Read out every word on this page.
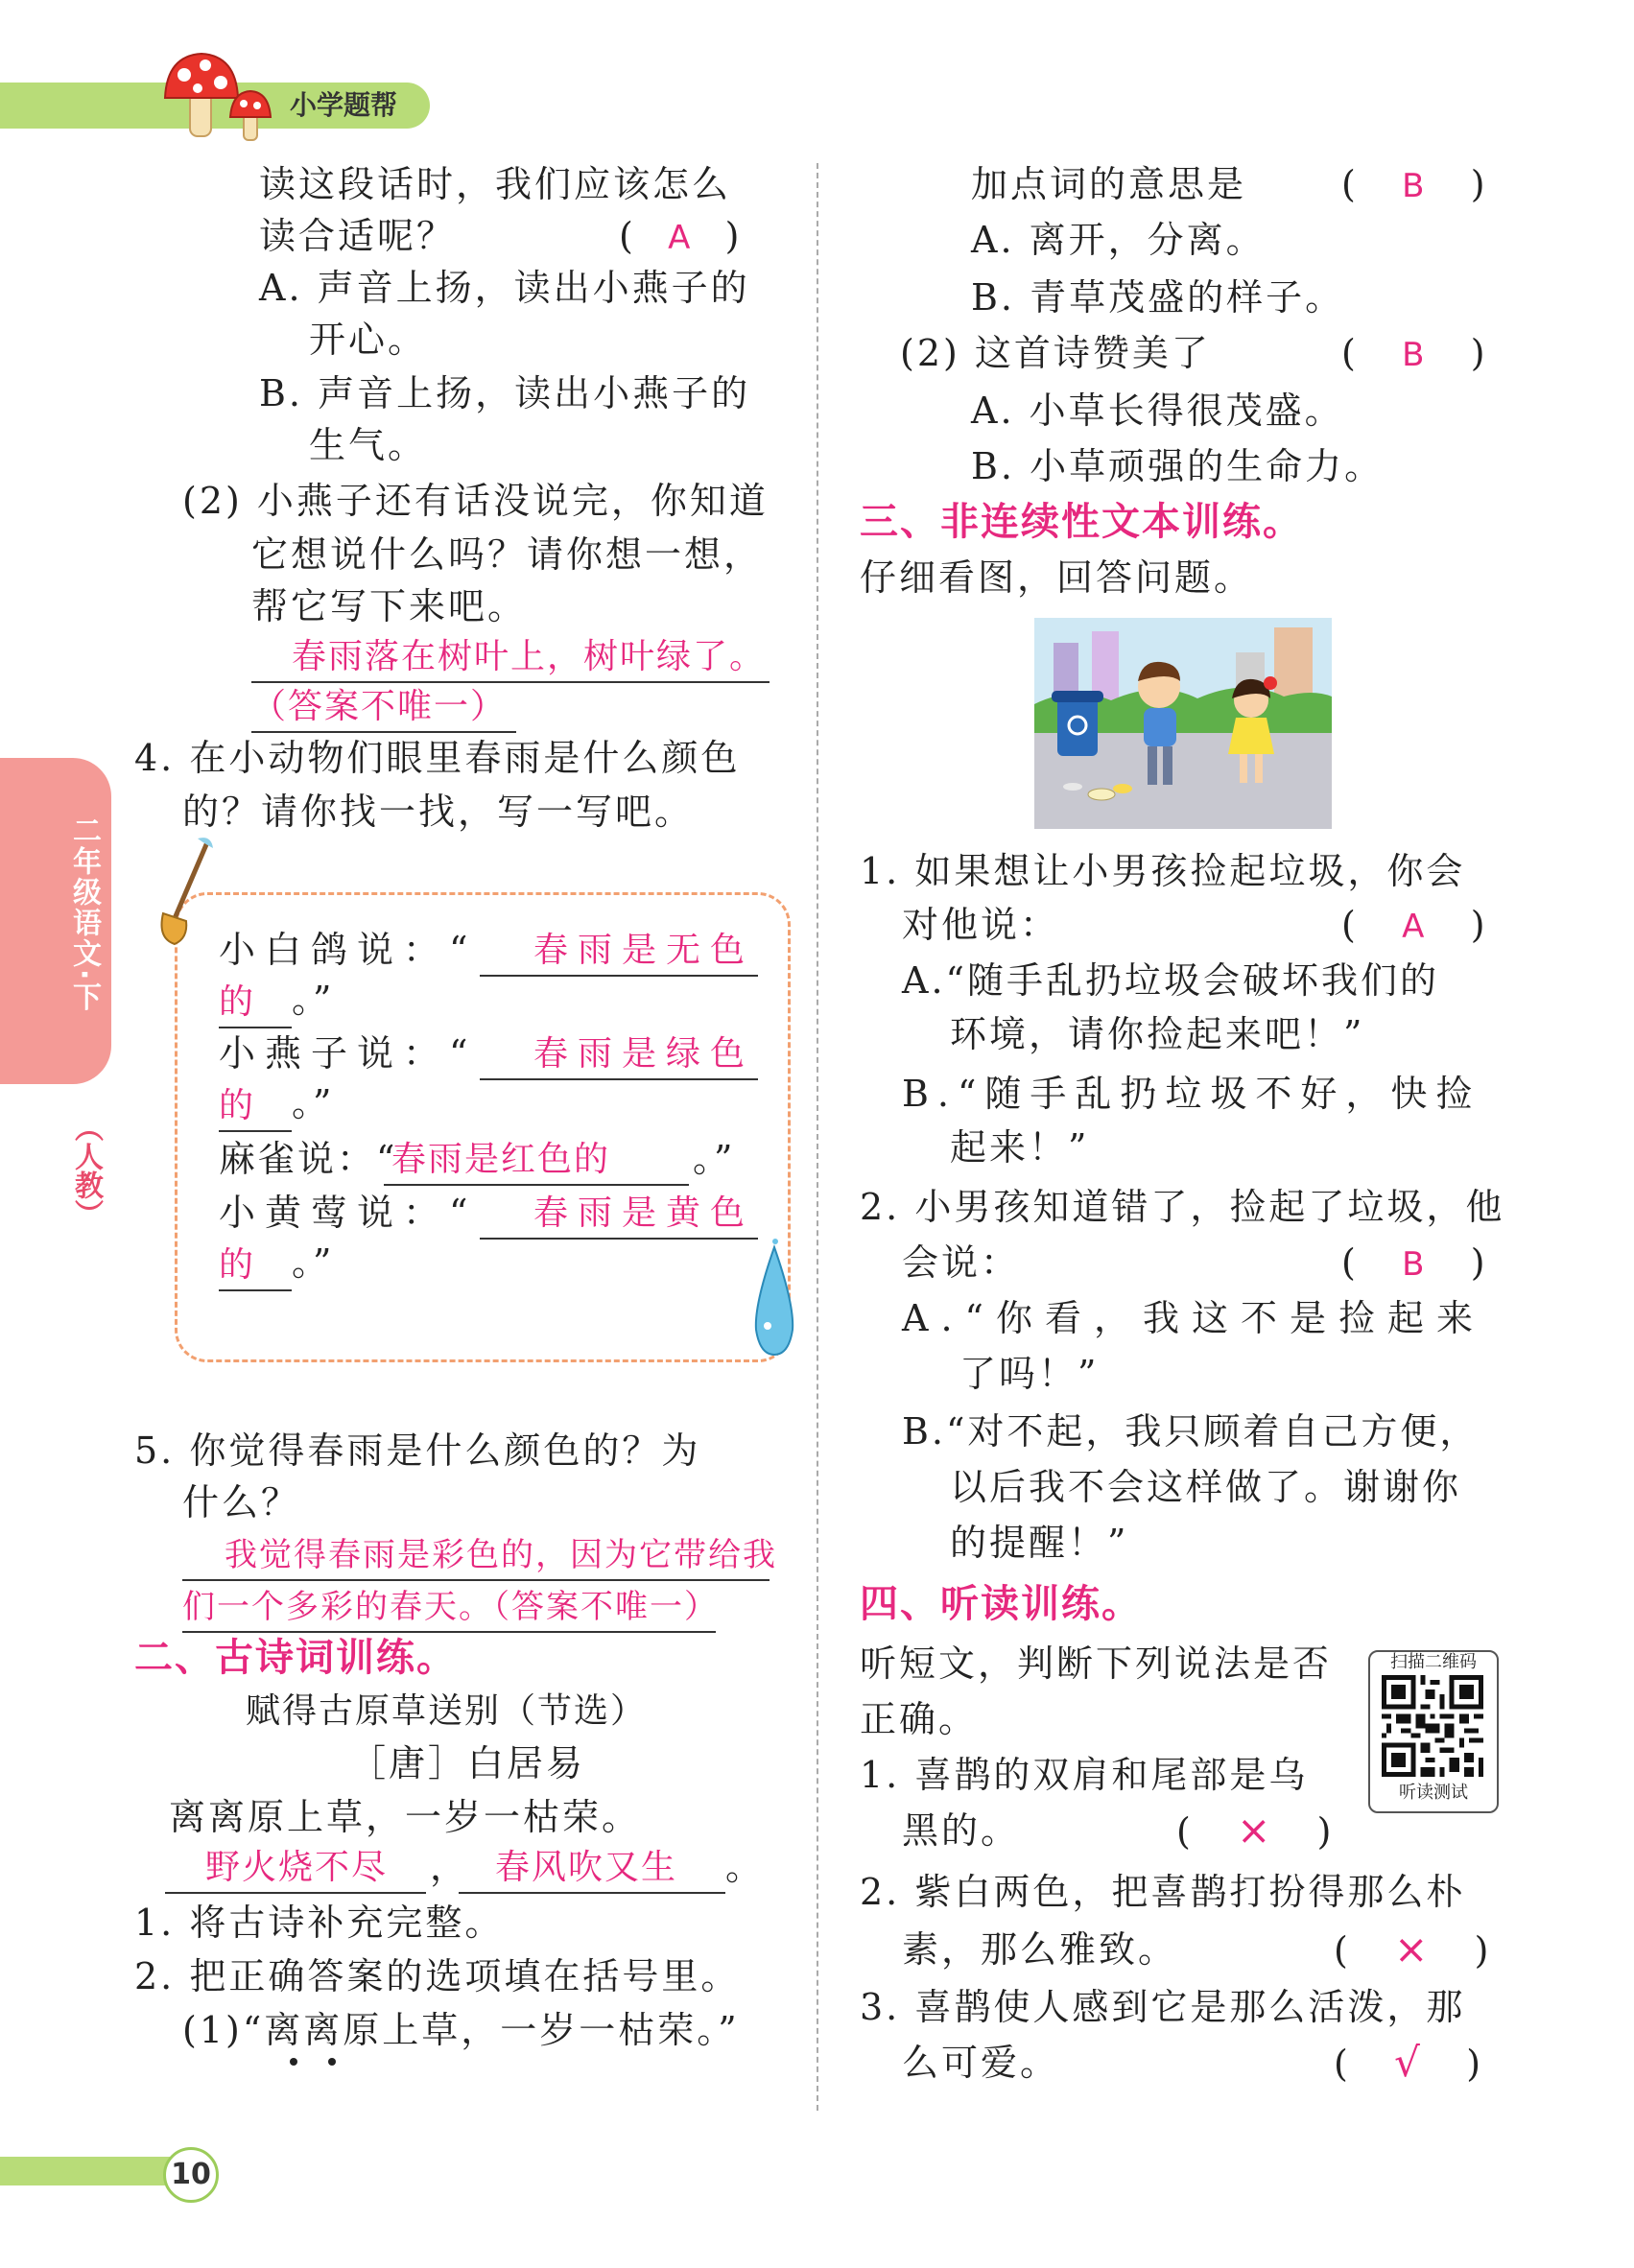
小学题帮
二年级语文·下
（人教）
读这段话时，我们应该怎么
读合适呢？	(   A   )
A. 声音上扬，读出小燕子的
开心。
B. 声音上扬，读出小燕子的
生气。
(2) 小燕子还有话没说完，你知道
它想说什么吗？请你想一想，
帮它写下来吧。
春雨落在树叶上，树叶绿了。
（答案不唯一）
4. 在小动物们眼里春雨是什么颜色
的？请你找一找，写一写吧。
小白鸽说：“	春雨是无色
的 。”
小燕子说：“	春雨是绿色
的 。”
麻雀说：“
春雨是红色的	。”
小黄莺说：“	春雨是黄色
的 。”
5. 你觉得春雨是什么颜色的？为
什么？
我觉得春雨是彩色的，因为它带给我
们一个多彩的春天。（答案不唯一）
二、古诗词训练。
赋得古原草送别（节选）
［唐］白居易
离离原上草，一岁一枯荣。
野火烧不尽	， 春风吹又生	。
1. 将古诗补充完整。
2. 把正确答案的选项填在括号里。
(1)“离离原上草，一岁一枯荣。”
10
加点词的意思是	(    B    )
A. 离开，分离。
B. 青草茂盛的样子。
(2) 这首诗赞美了	(    B    )
A. 小草长得很茂盛。
B. 小草顽强的生命力。
三、非连续性文本训练。
仔细看图，回答问题。
1. 如果想让小男孩捡起垃圾，你会
对他说：	(    A    )
A.“随手乱扔垃圾会破坏我们的
环境，请你捡起来吧！”
B.“随手乱扔垃圾不好，快捡
起来！”
2. 小男孩知道错了，捡起了垃圾，他
会说：	(    B    )
A.“你看，我这不是捡起来
了吗！”
B.“对不起，我只顾着自己方便，
以后我不会这样做了。谢谢你
的提醒！”
四、听读训练。
听短文，判断下列说法是否
正确。
扫描二维码
听读测试
1. 喜鹊的双肩和尾部是乌
黑的。	(    ×    )
2. 紫白两色，把喜鹊打扮得那么朴
素，那么雅致。	(    ×    )
3. 喜鹊使人感到它是那么活泼，那
么可爱。	(    √    )
